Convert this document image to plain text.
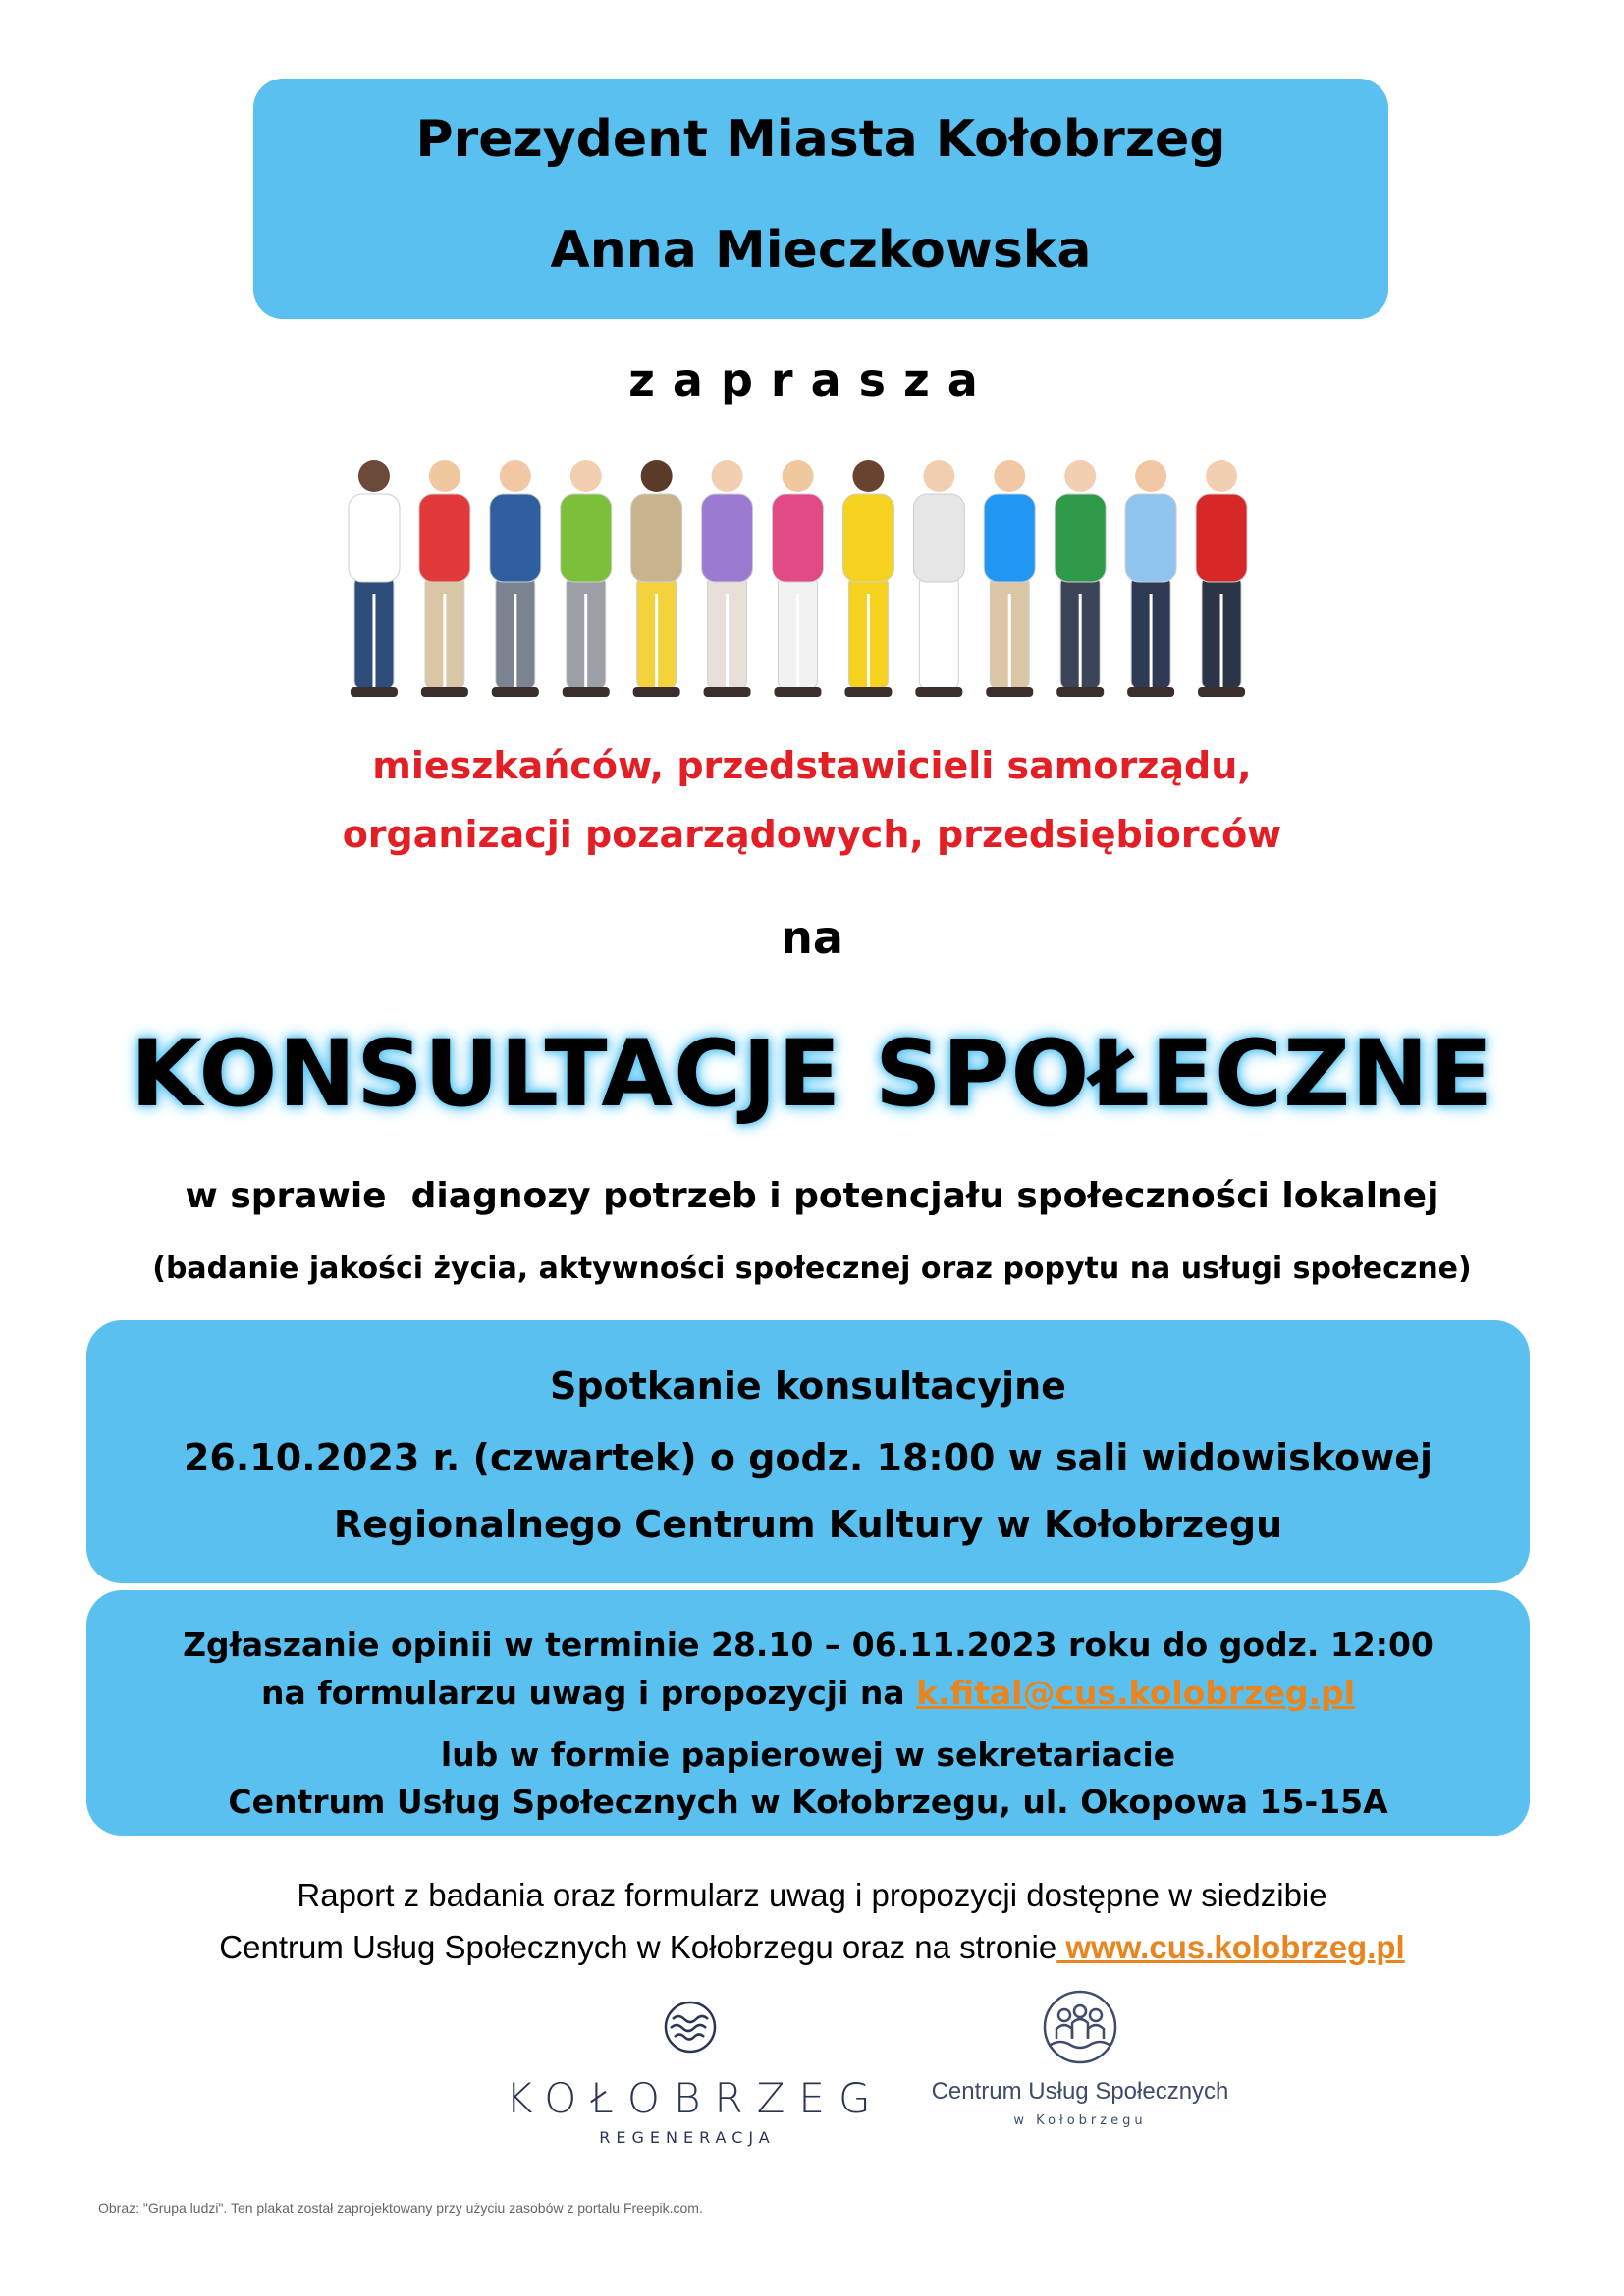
Prezydent Miasta Kołobrzeg
Anna Mieczkowska
zaprasza
mieszkańców, przedstawicieli samorządu,
organizacji pozarządowych, przedsiębiorców
na
KONSULTACJE SPOŁECZNE
w sprawie  diagnozy potrzeb i potencjału społeczności lokalnej
(badanie jakości życia, aktywności społecznej oraz popytu na usługi społeczne)
Spotkanie konsultacyjne
26.10.2023 r. (czwartek) o godz. 18:00 w sali widowiskowej
Regionalnego Centrum Kultury w Kołobrzegu
Zgłaszanie opinii w terminie 28.10 – 06.11.2023 roku do godz. 12:00
na formularzu uwag i propozycji na k.fital@cus.kolobrzeg.pl
lub w formie papierowej w sekretariacie
Centrum Usług Społecznych w Kołobrzegu, ul. Okopowa 15-15A
Raport z badania oraz formularz uwag i propozycji dostępne w siedzibie
Centrum Usług Społecznych w Kołobrzegu oraz na stronie www.cus.kolobrzeg.pl
KOŁOBRZEG
REGENERACJA
Centrum Usług Społecznych
w Kołobrzegu
Obraz: "Grupa ludzi". Ten plakat został zaprojektowany przy użyciu zasobów z portalu Freepik.com.
